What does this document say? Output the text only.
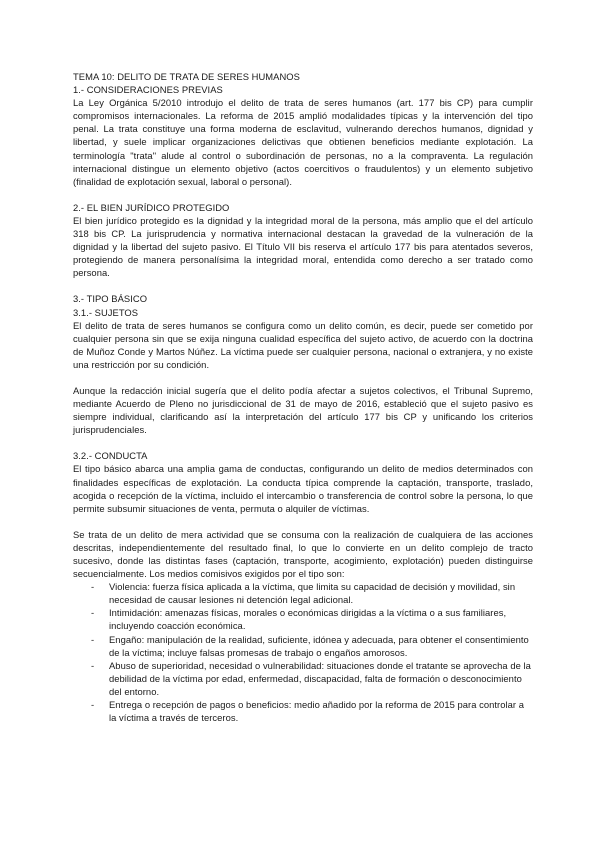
TEMA 10: DELITO DE TRATA DE SERES HUMANOS

1.- CONSIDERACIONES PREVIAS

La Ley Orgánica 5/2010 introdujo el delito de trata de seres humanos (art. 177 bis CP) para cumplir compromisos internacionales. La reforma de 2015 amplió modalidades típicas y la intervención del tipo penal. La trata constituye una forma moderna de esclavitud, vulnerando derechos humanos, dignidad y libertad, y suele implicar organizaciones delictivas que obtienen beneficios mediante explotación. La terminología "trata" alude al control o subordinación de personas, no a la compraventa. La regulación internacional distingue un elemento objetivo (actos coercitivos o fraudulentos) y un elemento subjetivo (finalidad de explotación sexual, laboral o personal).

2.- EL BIEN JURÍDICO PROTEGIDO

El bien jurídico protegido es la dignidad y la integridad moral de la persona, más amplio que el del artículo 318 bis CP. La jurisprudencia y normativa internacional destacan la gravedad de la vulneración de la dignidad y la libertad del sujeto pasivo. El Título VII bis reserva el artículo 177 bis para atentados severos, protegiendo de manera personalísima la integridad moral, entendida como derecho a ser tratado como persona.

3.- TIPO BÁSICO

3.1.- SUJETOS

El delito de trata de seres humanos se configura como un delito común, es decir, puede ser cometido por cualquier persona sin que se exija ninguna cualidad específica del sujeto activo, de acuerdo con la doctrina de Muñoz Conde y Martos Núñez. La víctima puede ser cualquier persona, nacional o extranjera, y no existe una restricción por su condición.

Aunque la redacción inicial sugería que el delito podía afectar a sujetos colectivos, el Tribunal Supremo, mediante Acuerdo de Pleno no jurisdiccional de 31 de mayo de 2016, estableció que el sujeto pasivo es siempre individual, clarificando así la interpretación del artículo 177 bis CP y unificando los criterios jurisprudenciales.

3.2.- CONDUCTA

El tipo básico abarca una amplia gama de conductas, configurando un delito de medios determinados con finalidades específicas de explotación. La conducta típica comprende la captación, transporte, traslado, acogida o recepción de la víctima, incluido el intercambio o transferencia de control sobre la persona, lo que permite subsumir situaciones de venta, permuta o alquiler de víctimas.

Se trata de un delito de mera actividad que se consuma con la realización de cualquiera de las acciones descritas, independientemente del resultado final, lo que lo convierte en un delito complejo de tracto sucesivo, donde las distintas fases (captación, transporte, acogimiento, explotación) pueden distinguirse secuencialmente. Los medios comisivos exigidos por el tipo son:

- Violencia: fuerza física aplicada a la víctima, que limita su capacidad de decisión y movilidad, sin necesidad de causar lesiones ni detención legal adicional.
- Intimidación: amenazas físicas, morales o económicas dirigidas a la víctima o a sus familiares, incluyendo coacción económica.
- Engaño: manipulación de la realidad, suficiente, idónea y adecuada, para obtener el consentimiento de la víctima; incluye falsas promesas de trabajo o engaños amorosos.
- Abuso de superioridad, necesidad o vulnerabilidad: situaciones donde el tratante se aprovecha de la debilidad de la víctima por edad, enfermedad, discapacidad, falta de formación o desconocimiento del entorno.
- Entrega o recepción de pagos o beneficios: medio añadido por la reforma de 2015 para controlar a la víctima a través de terceros.
